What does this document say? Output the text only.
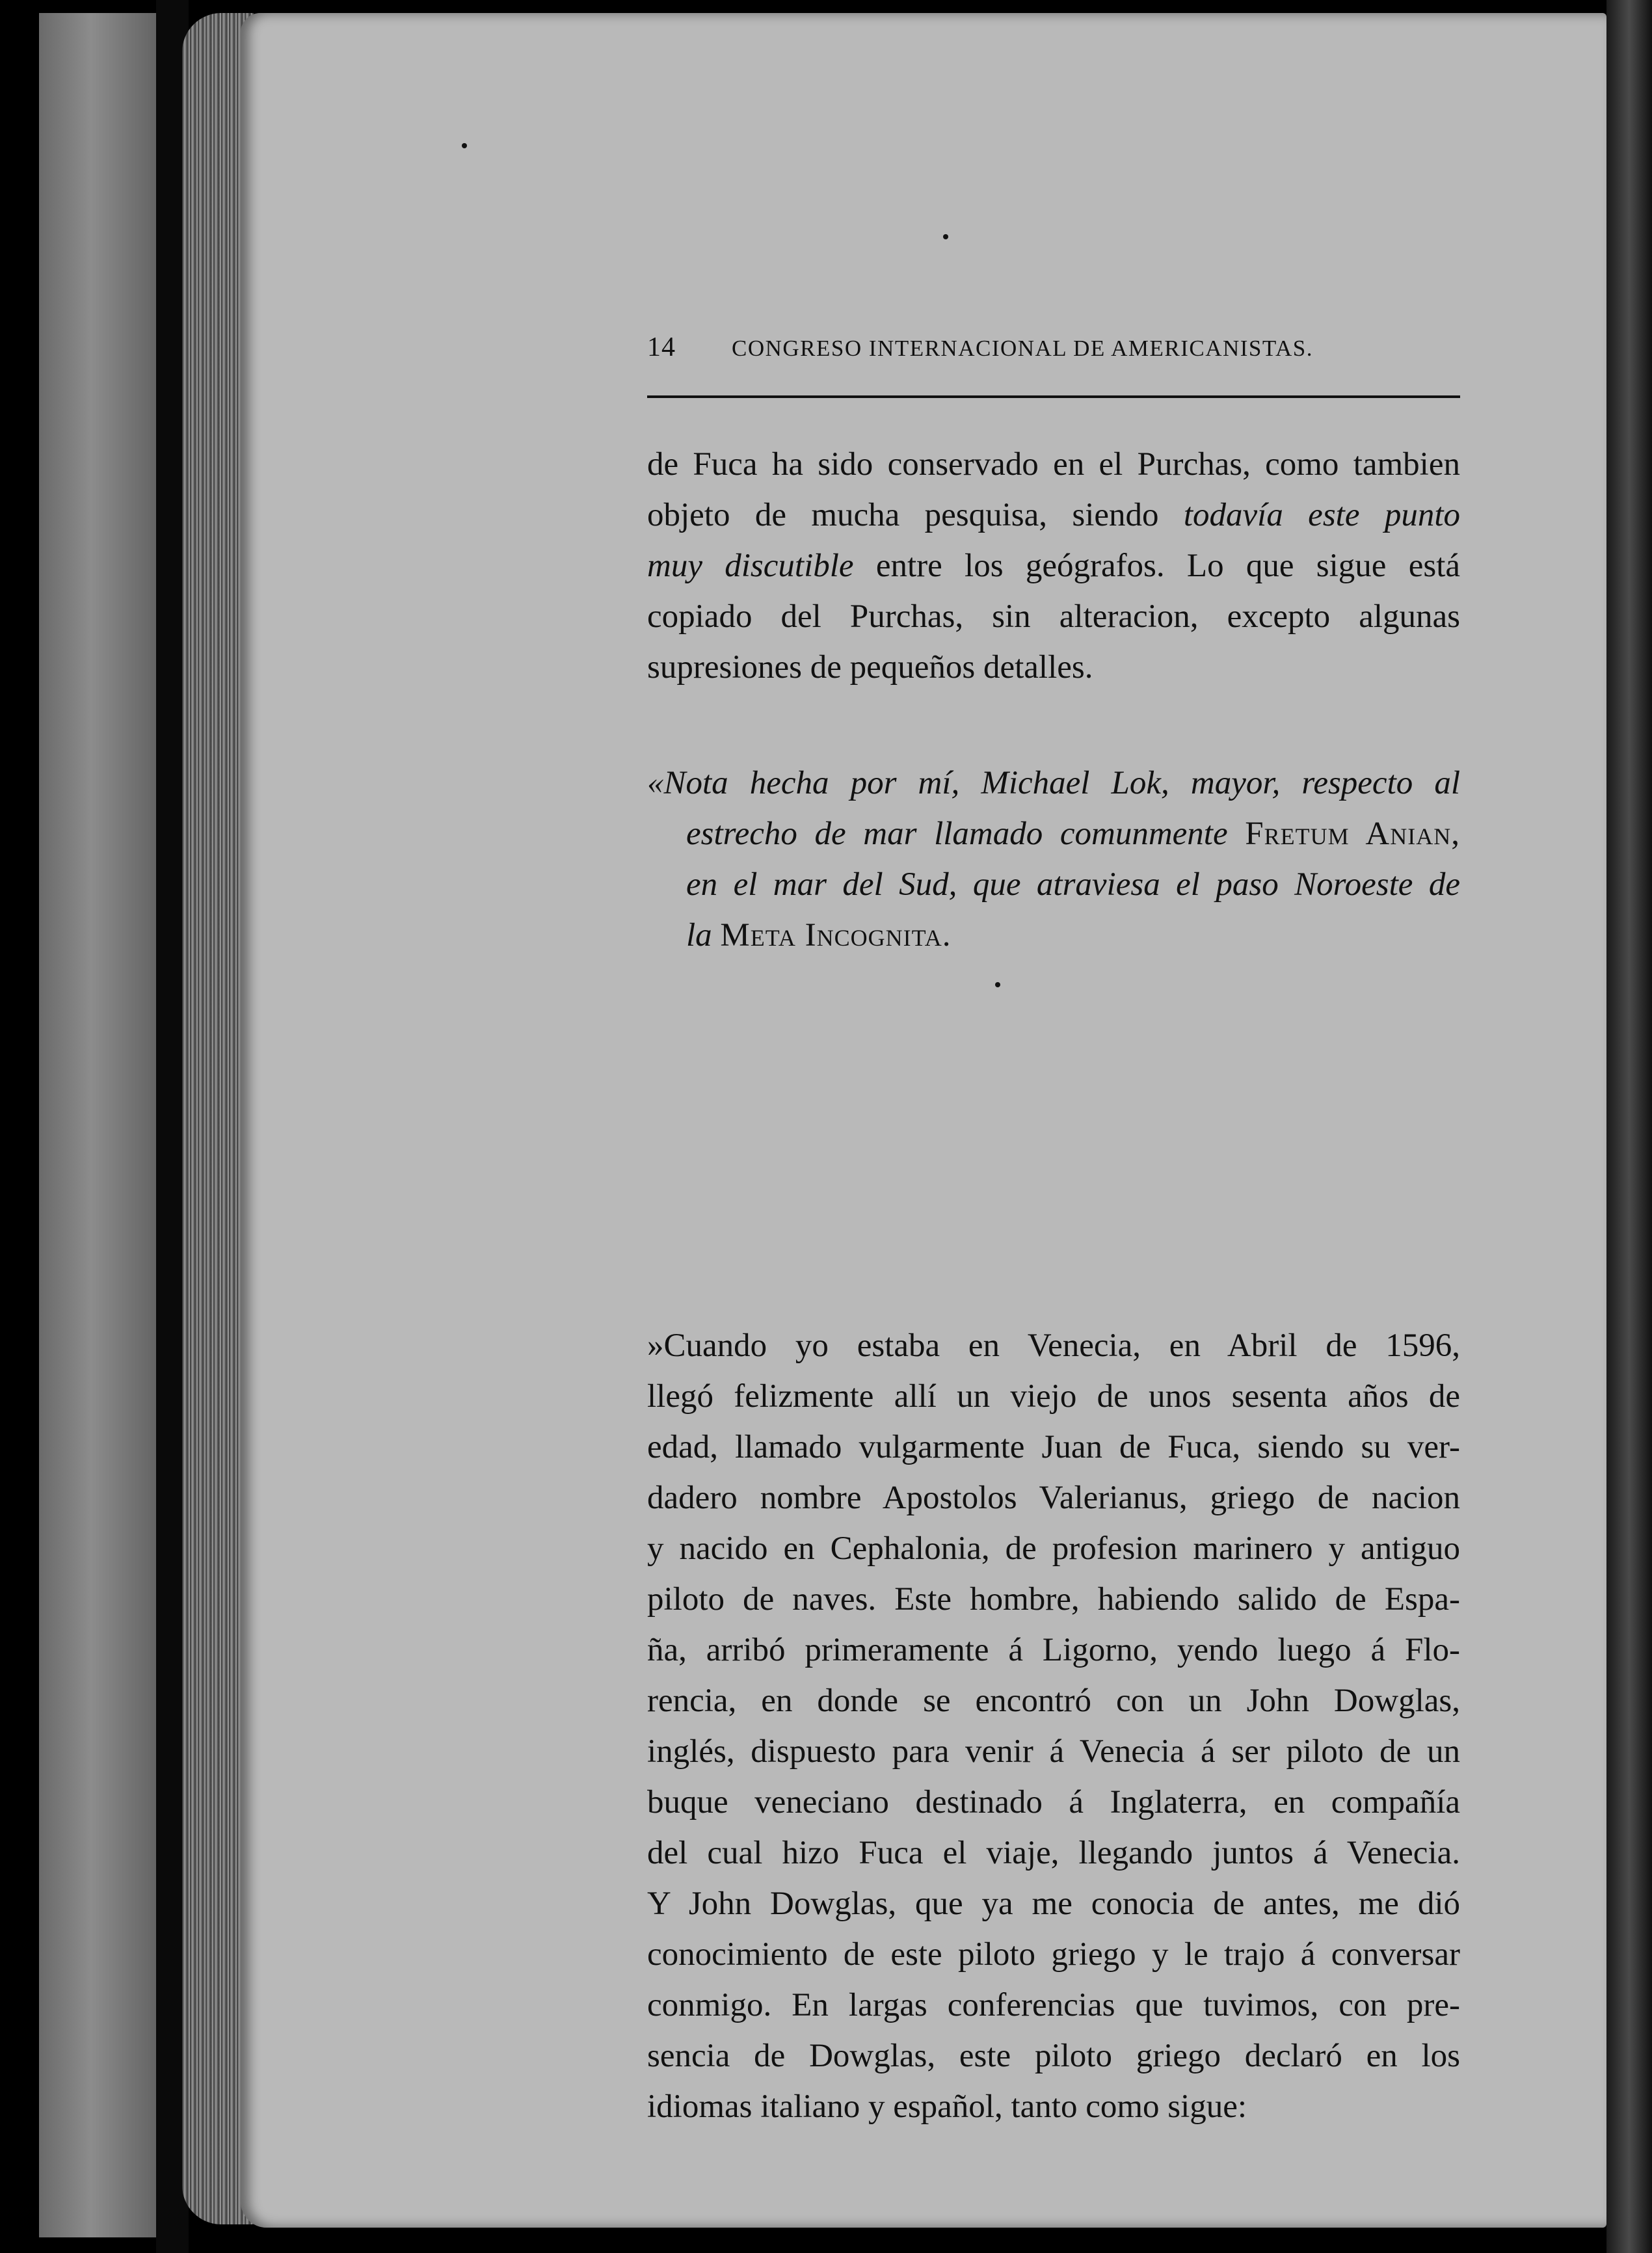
14 CONGRESO INTERNACIONAL DE AMERICANISTAS.
de Fuca ha sido conservado en el Purchas, como tambien
objeto de mucha pesquisa, siendo todavía este punto
muy discutible entre los geógrafos. Lo que sigue está
copiado del Purchas, sin alteracion, excepto algunas
supresiones de pequeños detalles.
«Nota hecha por mí, Michael Lok, mayor, respecto al
estrecho de mar llamado comunmente Fretum Anian,
en el mar del Sud, que atraviesa el paso Noroeste de
la Meta Incognita.
»Cuando yo estaba en Venecia, en Abril de 1596,
llegó felizmente allí un viejo de unos sesenta años de
edad, llamado vulgarmente Juan de Fuca, siendo su ver-
dadero nombre Apostolos Valerianus, griego de nacion
y nacido en Cephalonia, de profesion marinero y antiguo
piloto de naves. Este hombre, habiendo salido de Espa-
ña, arribó primeramente á Ligorno, yendo luego á Flo-
rencia, en donde se encontró con un John Dowglas,
inglés, dispuesto para venir á Venecia á ser piloto de un
buque veneciano destinado á Inglaterra, en compañía
del cual hizo Fuca el viaje, llegando juntos á Venecia.
Y John Dowglas, que ya me conocia de antes, me dió
conocimiento de este piloto griego y le trajo á conversar
conmigo. En largas conferencias que tuvimos, con pre-
sencia de Dowglas, este piloto griego declaró en los
idiomas italiano y español, tanto como sigue:
